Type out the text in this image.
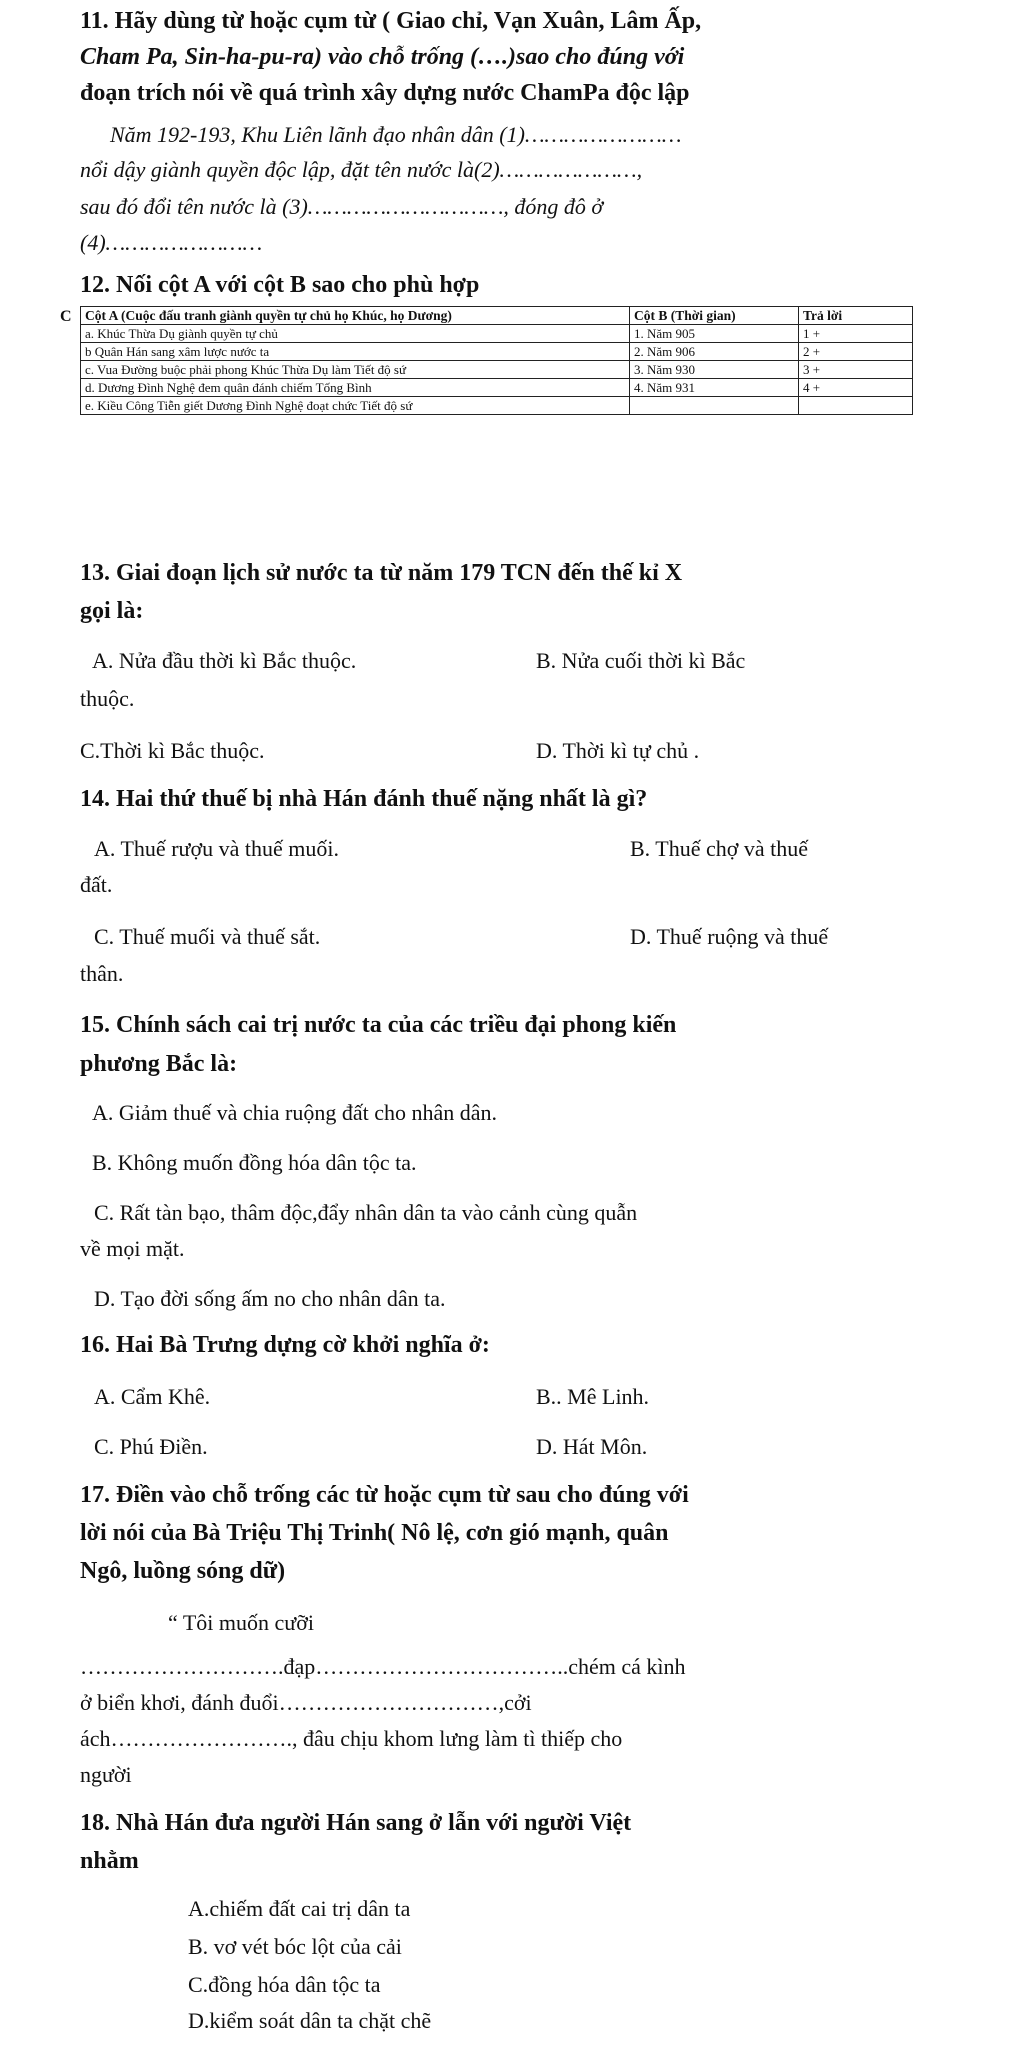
11. Hãy dùng từ hoặc cụm từ ( Giao chỉ, Vạn Xuân, Lâm Ấp,
Cham Pa, Sin-ha-pu-ra) vào chỗ trống (….)sao cho đúng với
đoạn trích nói về quá trình xây dựng nước ChamPa độc lập
Năm 192-193, Khu Liên lãnh đạo nhân dân (1)……………………
nổi dậy giành quyền độc lập, đặt tên nước là(2)…………………,
sau đó đổi tên nước là (3)…………………………, đóng đô ở
(4)……………………
12. Nối cột A với cột B sao cho phù hợp
C Cột A (Cuộc đấu tranh giành quyền tự chủ họ Khúc, họ Dương)	Cột B (Thời gian)	Trả lời
a. Khúc Thừa Dụ giành quyền tự chủ	1. Năm 905	1 +
b Quân Hán sang xâm lược nước ta	2. Năm 906	2 +
c. Vua Đường buộc phải phong Khúc Thừa Dụ làm Tiết độ sứ	3. Năm 930	3 +
d. Dương Đình Nghệ đem quân đánh chiếm Tống Bình	4. Năm 931	4 +
e. Kiều Công Tiễn giết Dương Đình Nghệ đoạt chức Tiết độ sứ		
13. Giai đoạn lịch sử nước ta từ năm 179 TCN đến thế kỉ X
gọi là:
A. Nửa đầu thời kì Bắc thuộc.	B. Nửa cuối thời kì Bắc
thuộc.
C.Thời kì Bắc thuộc.	D. Thời kì tự chủ .
14. Hai thứ thuế bị nhà Hán đánh thuế nặng nhất là gì?
A. Thuế rượu và thuế muối.	B. Thuế chợ và thuế
đất.
C. Thuế muối và thuế sắt.	D. Thuế ruộng và thuế
thân.
15. Chính sách cai trị nước ta của các triều đại phong kiến
phương Bắc là:
A. Giảm thuế và chia ruộng đất cho nhân dân.
B. Không muốn đồng hóa dân tộc ta.
C. Rất tàn bạo, thâm độc,đẩy nhân dân ta vào cảnh cùng quẫn
về mọi mặt.
D. Tạo đời sống ấm no cho nhân dân ta.
16. Hai Bà Trưng dựng cờ khởi nghĩa ở:
A. Cẩm Khê.	B.. Mê Linh.
C. Phú Điền.	D. Hát Môn.
17. Điền vào chỗ trống các từ hoặc cụm từ sau cho đúng với
lời nói của Bà Triệu Thị Trinh( Nô lệ, cơn gió mạnh, quân
Ngô, luồng sóng dữ)
“ Tôi muốn cưỡi
……………………….đạp……………………………..chém cá kình
ở biển khơi, đánh đuổi…………………………,cởi
ách……………………., đâu chịu khom lưng làm tì thiếp cho
người
18. Nhà Hán đưa người Hán sang ở lẫn với người Việt
nhằm
A.chiếm đất cai trị dân ta
B. vơ vét bóc lột của cải
C.đồng hóa dân tộc ta
D.kiểm soát dân ta chặt chẽ
